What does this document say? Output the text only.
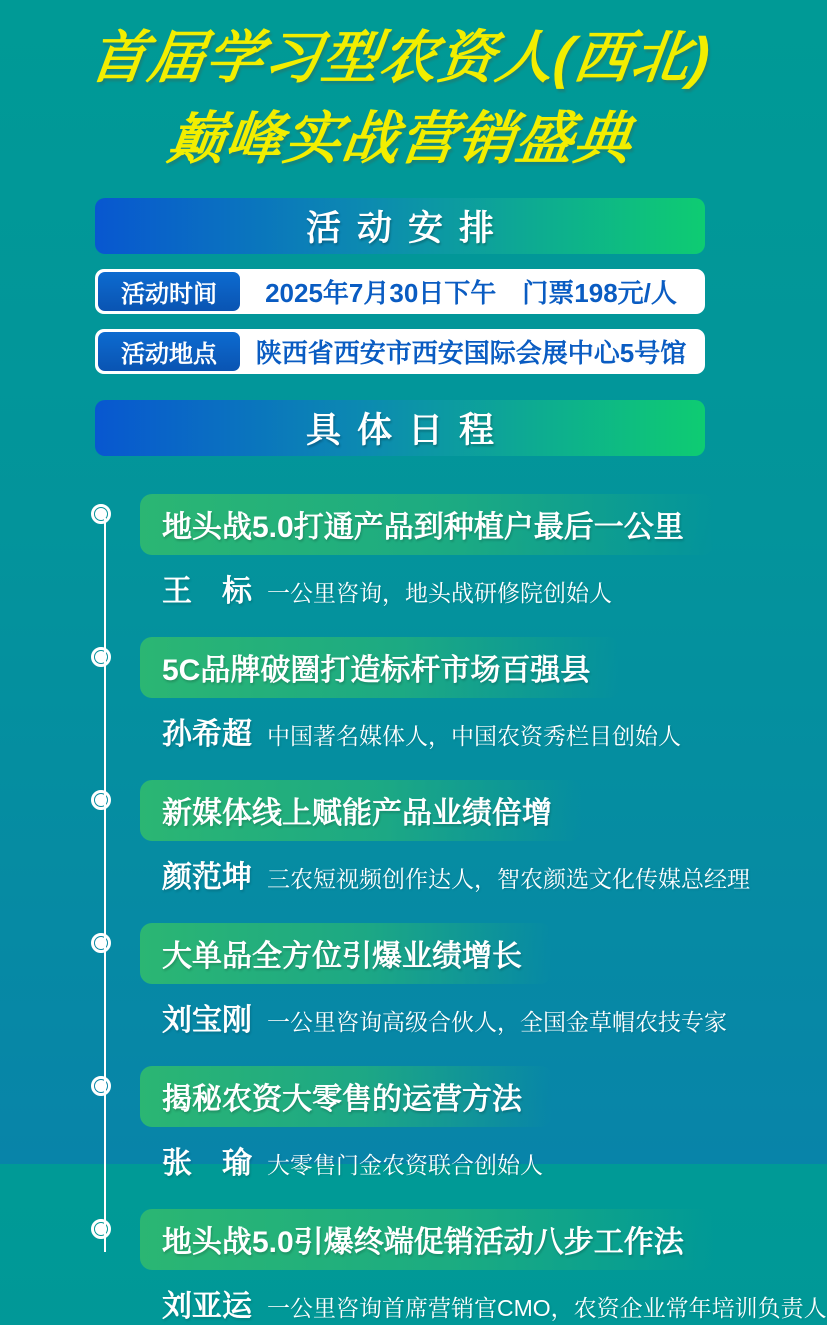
首届学习型农资人(西北)
巅峰实战营销盛典
活动安排
活动时间	2025年7月30日下午　门票198元/人
活动地点	陕西省西安市西安国际会展中心5号馆
具体日程
地头战5.0打通产品到种植户最后一公里
王　标 一公里咨询，地头战研修院创始人
5C品牌破圈打造标杆市场百强县
孙希超 中国著名媒体人，中国农资秀栏目创始人
新媒体线上赋能产品业绩倍增
颜范坤 三农短视频创作达人，智农颜选文化传媒总经理
大单品全方位引爆业绩增长
刘宝刚 一公里咨询高级合伙人，全国金草帽农技专家
揭秘农资大零售的运营方法
张　瑜 大零售门金农资联合创始人
地头战5.0引爆终端促销活动八步工作法
刘亚运 一公里咨询首席营销官CMO，农资企业常年培训负责人
